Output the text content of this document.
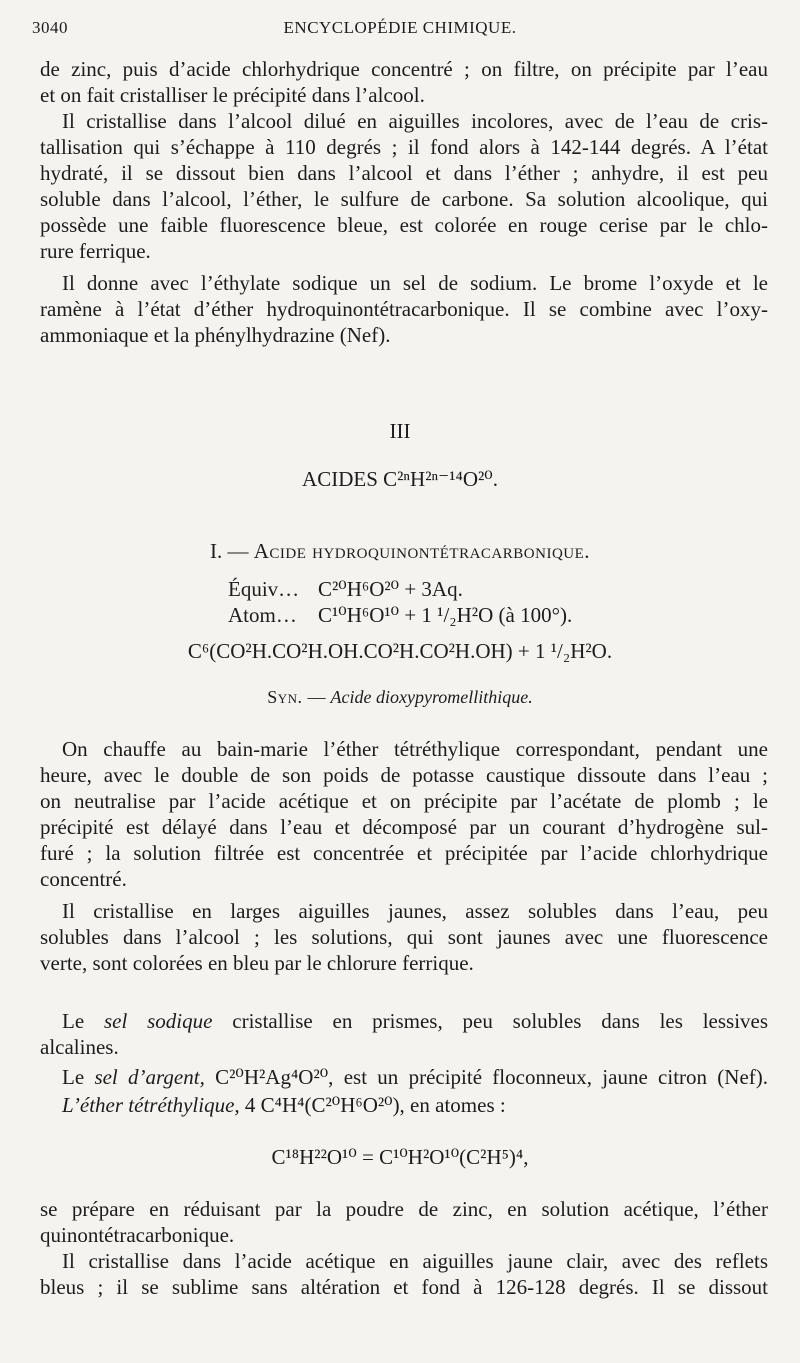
3040	ENCYCLOPÉDIE CHIMIQUE.
de zinc, puis d’acide chlorhydrique concentré ; on filtre, on précipite par l’eau
et on fait cristalliser le précipité dans l’alcool.
Il cristallise dans l’alcool dilué en aiguilles incolores, avec de l’eau de cris-
tallisation qui s’échappe à 110 degrés ; il fond alors à 142-144 degrés. A l’état
hydraté, il se dissout bien dans l’alcool et dans l’éther ; anhydre, il est peu
soluble dans l’alcool, l’éther, le sulfure de carbone. Sa solution alcoolique, qui
possède une faible fluorescence bleue, est colorée en rouge cerise par le chlo-
rure ferrique.
Il donne avec l’éthylate sodique un sel de sodium. Le brome l’oxyde et le
ramène à l’état d’éther hydroquinontétracarbonique. Il se combine avec l’oxy-
ammoniaque et la phénylhydrazine (Nef).
III
ACIDES C²ⁿH²ⁿ⁻¹⁴O²⁰.
I. — Acide hydroquinontétracarbonique.
Équiv… C²⁰H⁶O²⁰ + 3Aq.
Atom…	C¹⁰H⁶O¹⁰ + 1 ¹/₂H²O (à 100°).
C⁶(CO²H.CO²H.OH.CO²H.CO²H.OH) + 1 ¹/₂H²O.
Syn. — Acide dioxypyromellithique.
On chauffe au bain-marie l’éther tétréthylique correspondant, pendant une
heure, avec le double de son poids de potasse caustique dissoute dans l’eau ;
on neutralise par l’acide acétique et on précipite par l’acétate de plomb ; le
précipité est délayé dans l’eau et décomposé par un courant d’hydrogène sul-
furé ; la solution filtrée est concentrée et précipitée par l’acide chlorhydrique
concentré.
Il cristallise en larges aiguilles jaunes, assez solubles dans l’eau, peu
solubles dans l’alcool ; les solutions, qui sont jaunes avec une fluorescence
verte, sont colorées en bleu par le chlorure ferrique.
Le sel sodique cristallise en prismes, peu solubles dans les lessives
alcalines.
Le sel d’argent, C²⁰H²Ag⁴O²⁰, est un précipité floconneux, jaune citron (Nef).
L’éther tétréthylique, 4 C⁴H⁴(C²⁰H⁶O²⁰), en atomes :
C¹⁸H²²O¹⁰ = C¹⁰H²O¹⁰(C²H⁵)⁴,
se prépare en réduisant par la poudre de zinc, en solution acétique, l’éther
quinontétracarbonique.
Il cristallise dans l’acide acétique en aiguilles jaune clair, avec des reflets
bleus ; il se sublime sans altération et fond à 126-128 degrés. Il se dissout
